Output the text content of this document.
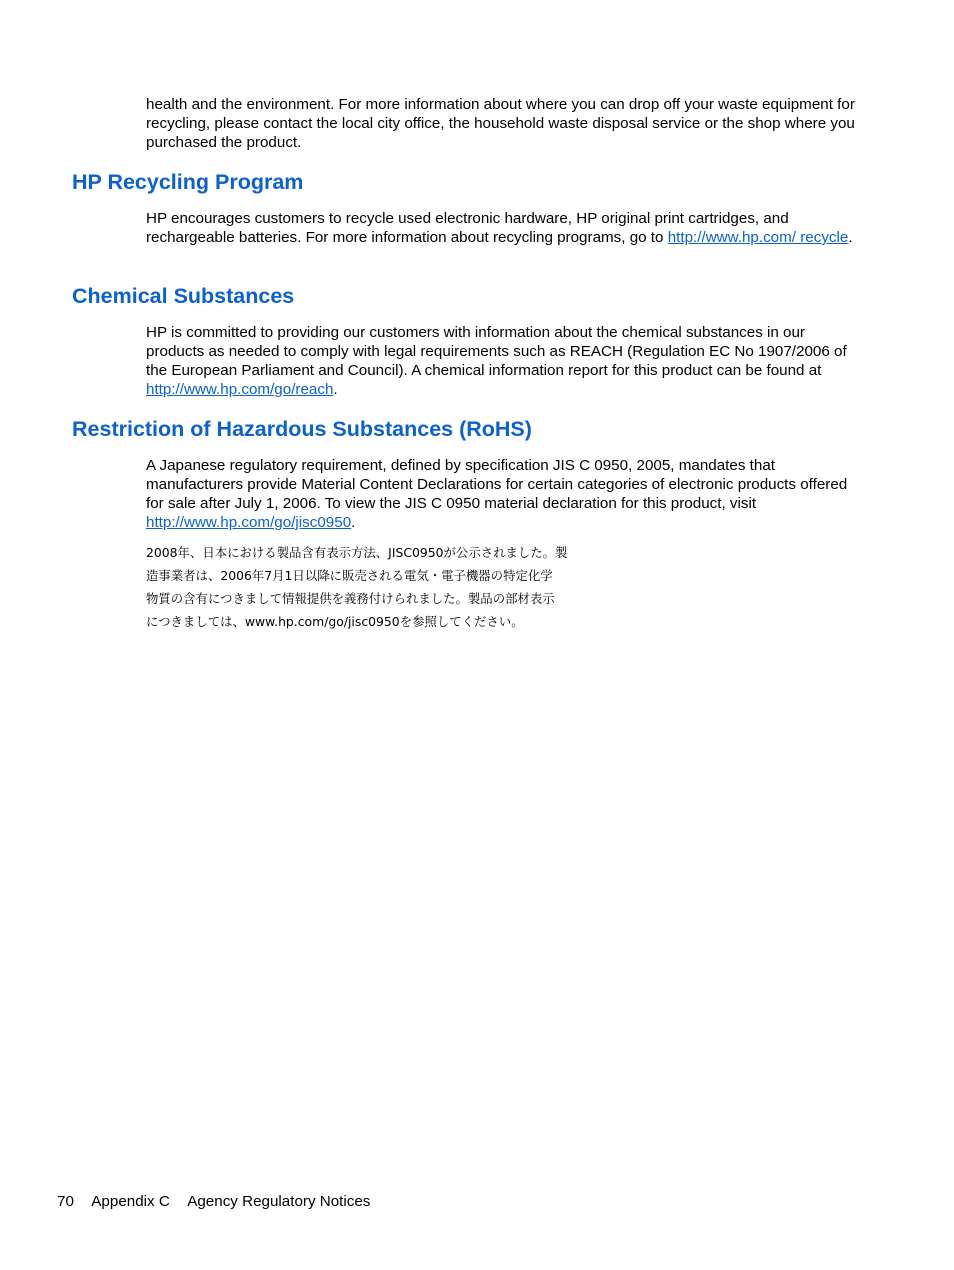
health and the environment. For more information about where you can drop off your waste equipment for recycling, please contact the local city office, the household waste disposal service or the shop where you purchased the product.

HP Recycling Program

HP encourages customers to recycle used electronic hardware, HP original print cartridges, and rechargeable batteries. For more information about recycling programs, go to http://www.hp.com/ recycle.

Chemical Substances

HP is committed to providing our customers with information about the chemical substances in our products as needed to comply with legal requirements such as REACH (Regulation EC No 1907/2006 of the European Parliament and Council). A chemical information report for this product can be found at http://www.hp.com/go/reach.

Restriction of Hazardous Substances (RoHS)

A Japanese regulatory requirement, defined by specification JIS C 0950, 2005, mandates that manufacturers provide Material Content Declarations for certain categories of electronic products offered for sale after July 1, 2006. To view the JIS C 0950 material declaration for this product, visit http://www.hp.com/go/jisc0950.

2008年、日本における製品含有表示方法、JISC0950が公示されました。製
造事業者は、2006年7月1日以降に販売される電気・電子機器の特定化学
物質の含有につきまして情報提供を義務付けられました。製品の部材表示
につきましては、www.hp.com/go/jisc0950を参照してください。
70 Appendix C Agency Regulatory Notices
